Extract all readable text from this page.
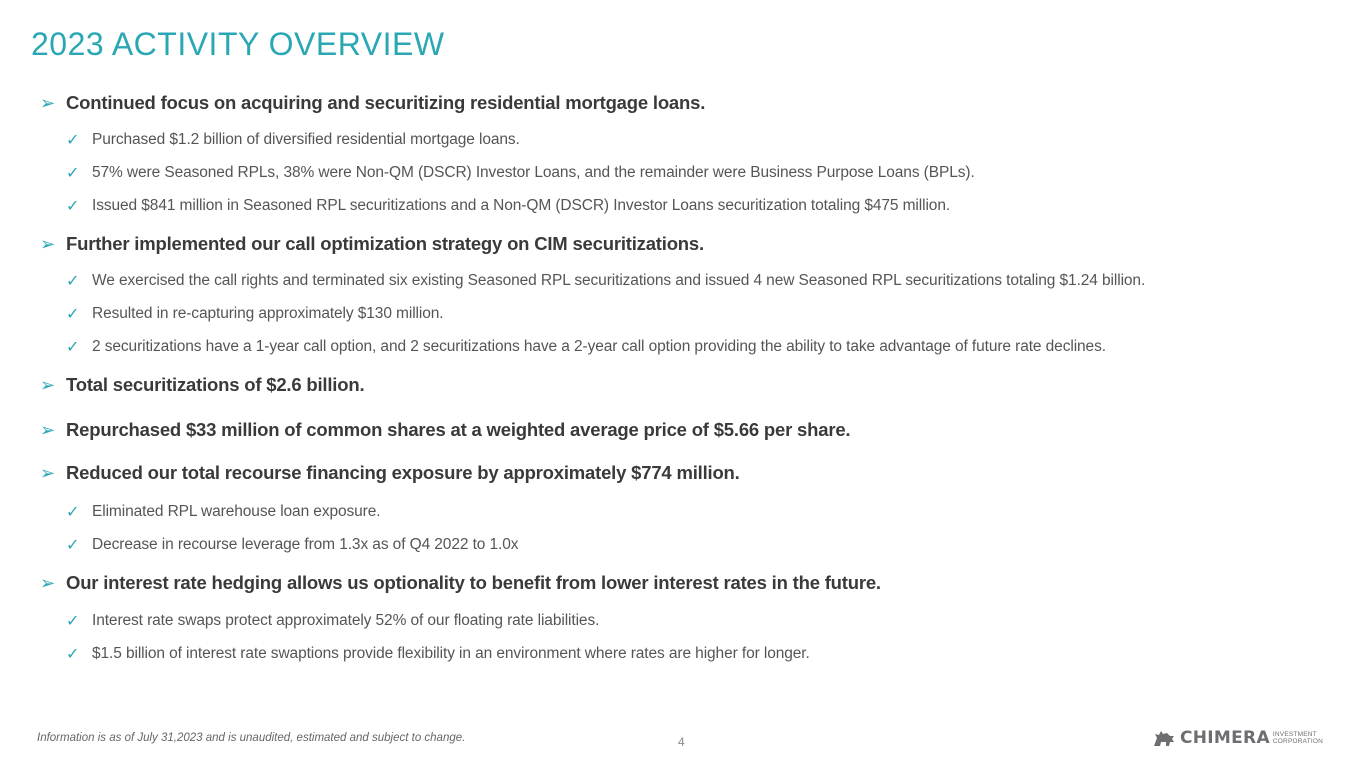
2023 ACTIVITY OVERVIEW
➢ Continued focus on acquiring and securitizing residential mortgage loans.
✓ Purchased $1.2 billion of diversified residential mortgage loans.
✓ 57% were Seasoned RPLs, 38% were Non-QM (DSCR) Investor Loans, and the remainder were Business Purpose Loans (BPLs).
✓ Issued $841 million in Seasoned RPL securitizations and a Non-QM (DSCR) Investor Loans securitization totaling $475 million.
➢ Further implemented our call optimization strategy on CIM securitizations.
✓ We exercised the call rights and terminated six existing Seasoned RPL securitizations and issued 4 new Seasoned RPL securitizations totaling $1.24 billion.
✓ Resulted in re-capturing approximately $130 million.
✓ 2 securitizations have a 1-year call option, and 2 securitizations have a 2-year call option providing the ability to take advantage of future rate declines.
➢ Total securitizations of $2.6 billion.
➢ Repurchased $33 million of common shares at a weighted average price of $5.66 per share.
➢ Reduced our total recourse financing exposure by approximately $774 million.
✓ Eliminated RPL warehouse loan exposure.
✓ Decrease in recourse leverage from 1.3x as of Q4 2022 to 1.0x
➢ Our interest rate hedging allows us optionality to benefit from lower interest rates in the future.
✓ Interest rate swaps protect approximately 52% of our floating rate liabilities.
✓ $1.5 billion of interest rate swaptions provide flexibility in an environment where rates are higher for longer.
Information is as of July 31,2023 and is unaudited, estimated and subject to change.	4	CHIMERA INVESTMENT
CORPORATION
